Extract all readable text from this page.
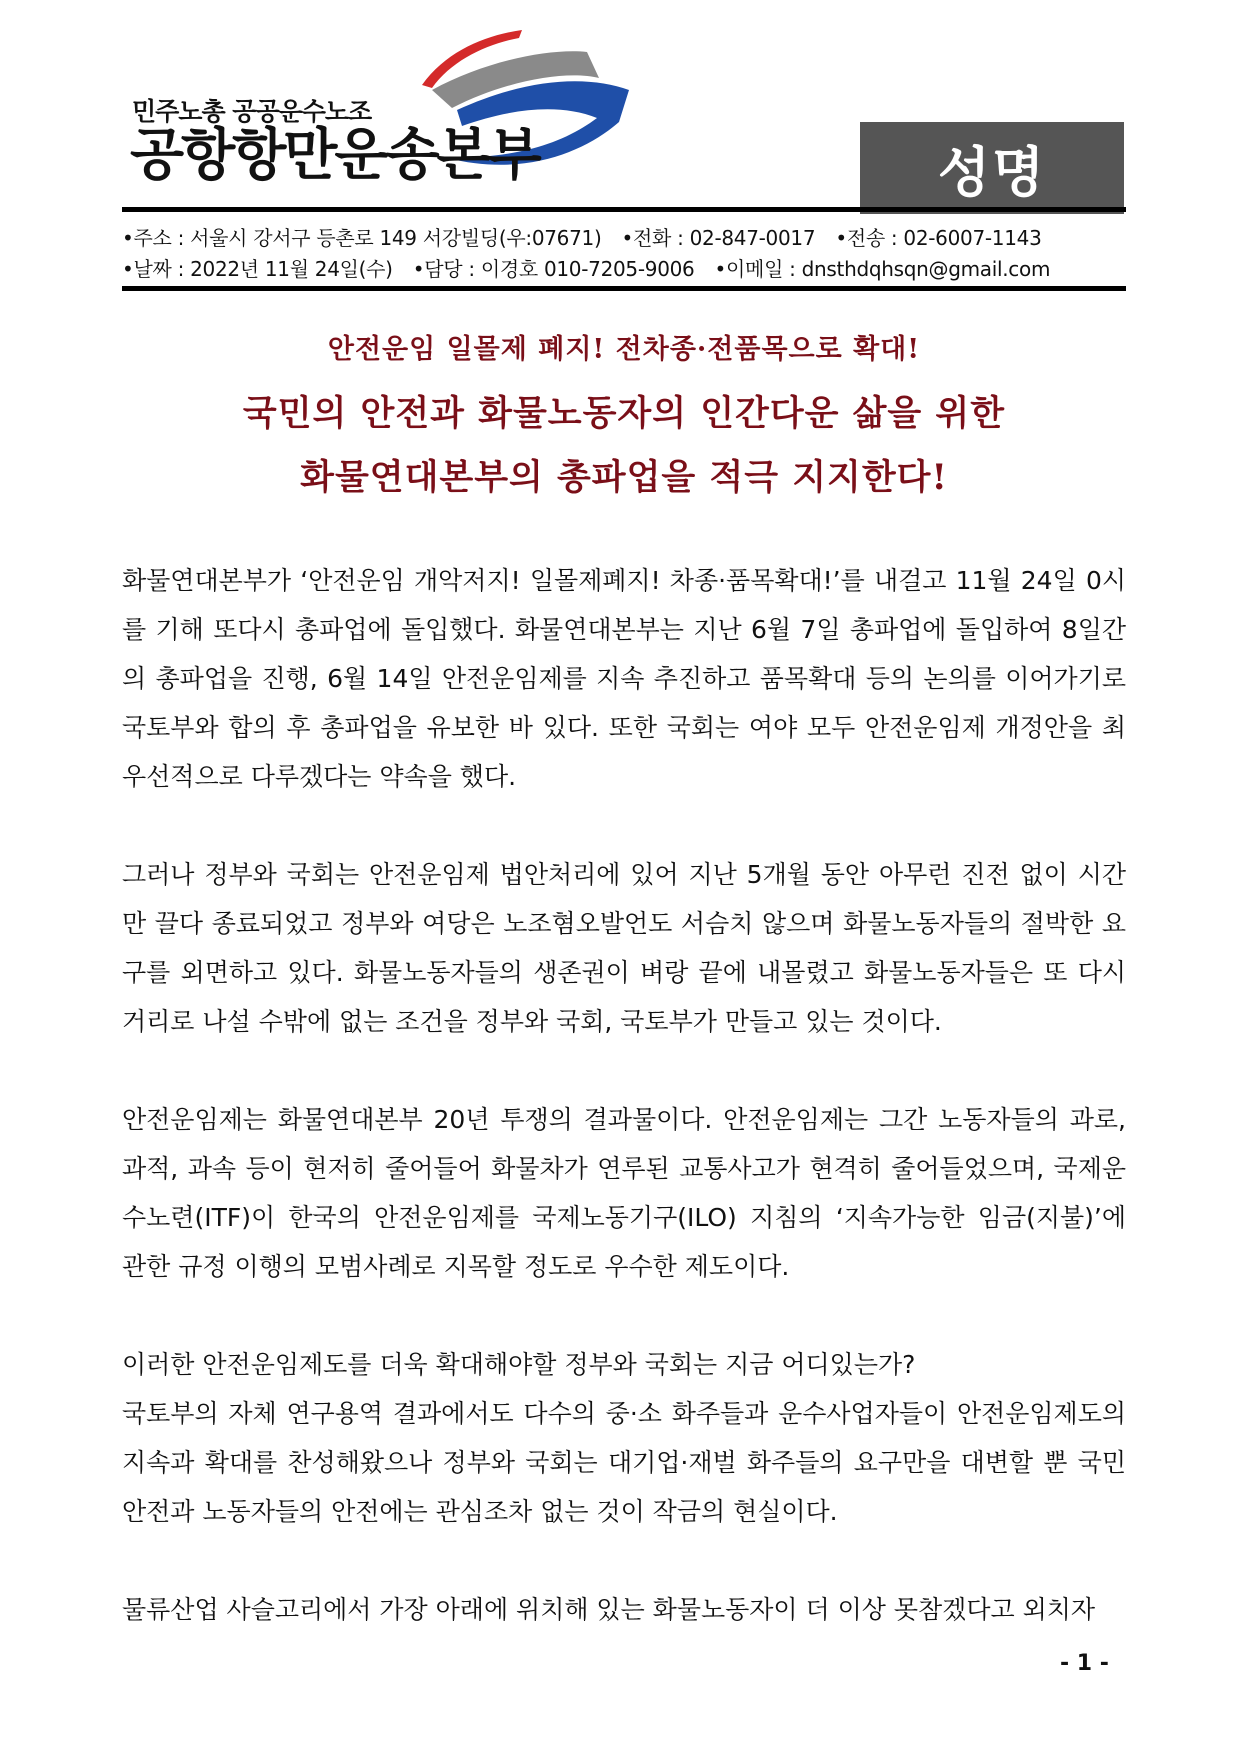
민주노총 공공운수노조
공항항만운송본부	성명
•주소 : 서울시 강서구 등촌로 149 서강빌딩(우:07671) •전화 : 02-847-0017 •전송 : 02-6007-1143
•날짜 : 2022년 11월 24일(수) •담당 : 이경호 010-7205-9006 •이메일 : dnsthdqhsqn@gmail.com
안전운임 일몰제 폐지! 전차종·전품목으로 확대!
국민의 안전과 화물노동자의 인간다운 삶을 위한
화물연대본부의 총파업을 적극 지지한다!

화물연대본부가 ‘안전운임 개악저지! 일몰제폐지! 차종·품목확대!’를 내걸고 11월 24일 0시를 기해 또다시 총파업에 돌입했다. 화물연대본부는 지난 6월 7일 총파업에 돌입하여 8일간의 총파업을 진행, 6월 14일 안전운임제를 지속 추진하고 품목확대 등의 논의를 이어가기로 국토부와 합의 후 총파업을 유보한 바 있다. 또한 국회는 여야 모두 안전운임제 개정안을 최우선적으로 다루겠다는 약속을 했다.

그러나 정부와 국회는 안전운임제 법안처리에 있어 지난 5개월 동안 아무런 진전 없이 시간만 끌다 종료되었고 정부와 여당은 노조혐오발언도 서슴치 않으며 화물노동자들의 절박한 요구를 외면하고 있다. 화물노동자들의 생존권이 벼랑 끝에 내몰렸고 화물노동자들은 또 다시 거리로 나설 수밖에 없는 조건을 정부와 국회, 국토부가 만들고 있는 것이다.

안전운임제는 화물연대본부 20년 투쟁의 결과물이다. 안전운임제는 그간 노동자들의 과로, 과적, 과속 등이 현저히 줄어들어 화물차가 연루된 교통사고가 현격히 줄어들었으며, 국제운수노련(ITF)이 한국의 안전운임제를 국제노동기구(ILO) 지침의 ‘지속가능한 임금(지불)’에 관한 규정 이행의 모범사례로 지목할 정도로 우수한 제도이다.

이러한 안전운임제도를 더욱 확대해야할 정부와 국회는 지금 어디있는가?

국토부의 자체 연구용역 결과에서도 다수의 중·소 화주들과 운수사업자들이 안전운임제도의 지속과 확대를 찬성해왔으나 정부와 국회는 대기업·재벌 화주들의 요구만을 대변할 뿐 국민 안전과 노동자들의 안전에는 관심조차 없는 것이 작금의 현실이다.

물류산업 사슬고리에서 가장 아래에 위치해 있는 화물노동자이 더 이상 못참겠다고 외치자

- 1 -
